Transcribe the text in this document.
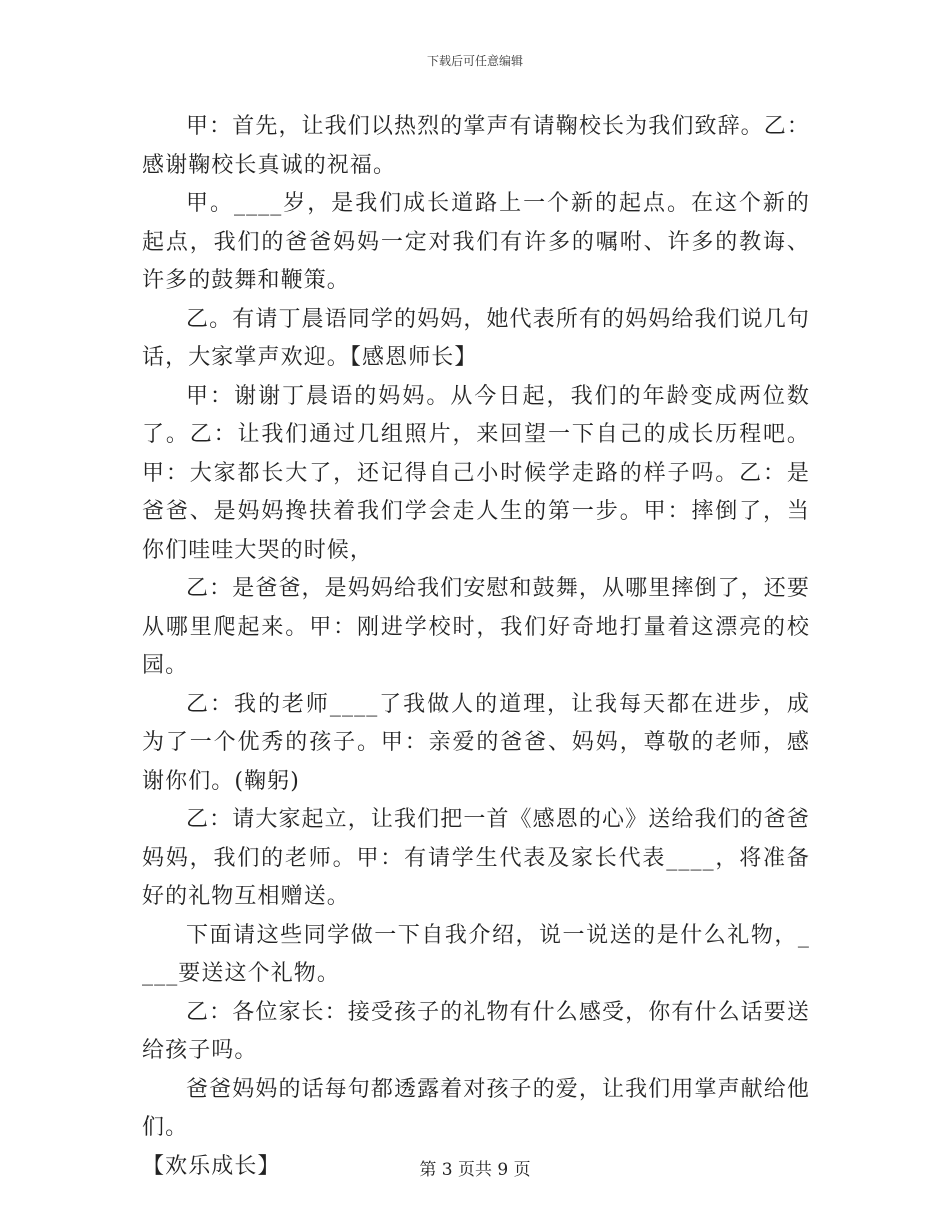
下载后可任意编辑

甲：首先，让我们以热烈的掌声有请鞠校长为我们致辞。乙：感谢鞠校长真诚的祝福。

甲。____岁，是我们成长道路上一个新的起点。在这个新的起点，我们的爸爸妈妈一定对我们有许多的嘱咐、许多的教诲、许多的鼓舞和鞭策。

乙。有请丁晨语同学的妈妈，她代表所有的妈妈给我们说几句话，大家掌声欢迎。【感恩师长】

甲：谢谢丁晨语的妈妈。从今日起，我们的年龄变成两位数了。乙：让我们通过几组照片，来回望一下自己的成长历程吧。甲：大家都长大了，还记得自己小时候学走路的样子吗。乙：是爸爸、是妈妈搀扶着我们学会走人生的第一步。甲：摔倒了，当你们哇哇大哭的时候，

乙：是爸爸，是妈妈给我们安慰和鼓舞，从哪里摔倒了，还要从哪里爬起来。甲：刚进学校时，我们好奇地打量着这漂亮的校园。

乙：我的老师____了我做人的道理，让我每天都在进步，成为了一个优秀的孩子。甲：亲爱的爸爸、妈妈，尊敬的老师，感谢你们。(鞠躬)

乙：请大家起立，让我们把一首《感恩的心》送给我们的爸爸妈妈，我们的老师。甲：有请学生代表及家长代表____，将准备好的礼物互相赠送。

下面请这些同学做一下自我介绍，说一说送的是什么礼物，____要送这个礼物。

乙：各位家长：接受孩子的礼物有什么感受，你有什么话要送给孩子吗。

爸爸妈妈的话每句都透露着对孩子的爱，让我们用掌声献给他们。

【欢乐成长】	第 3 页共 9 页
